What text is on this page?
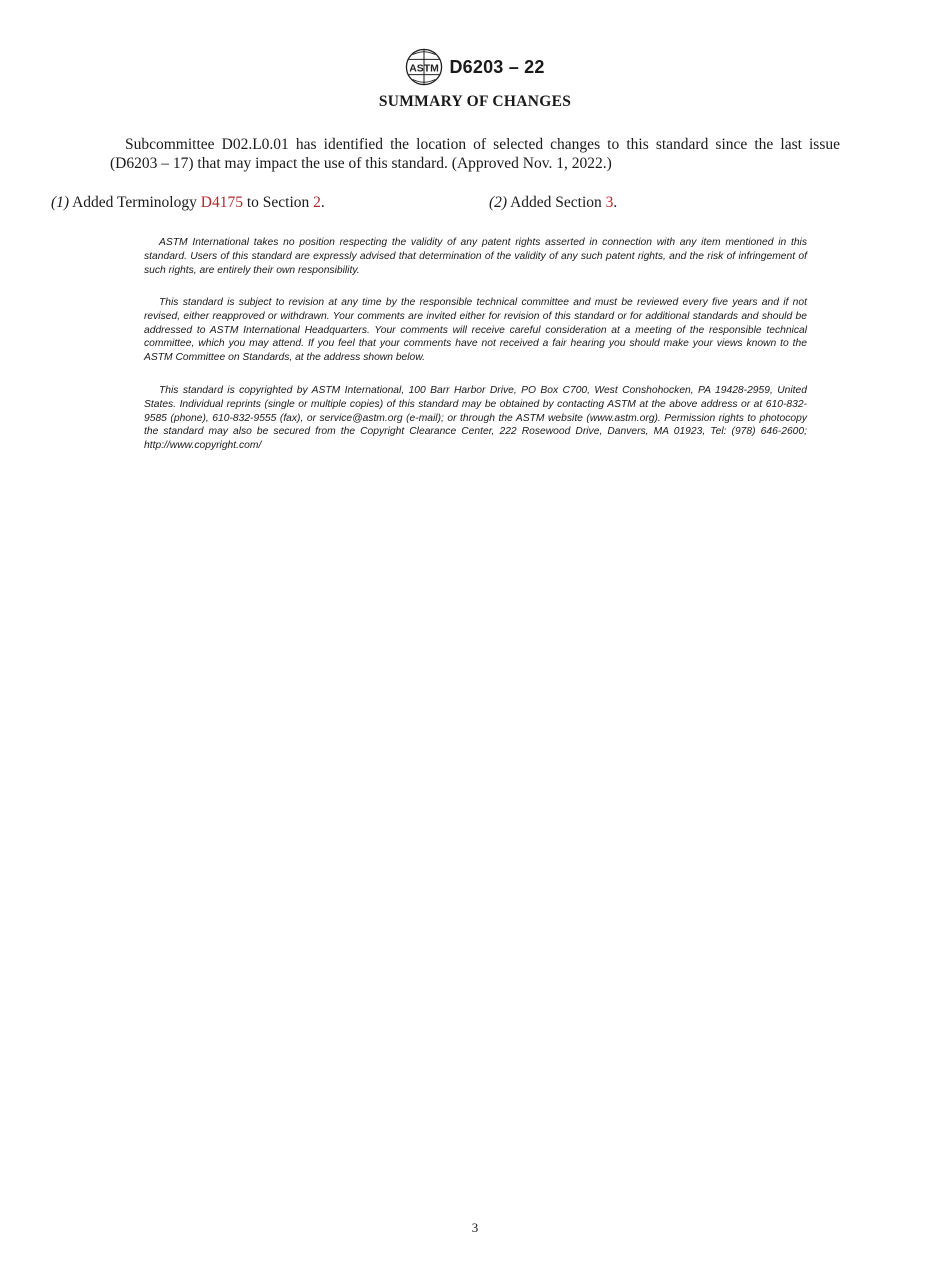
ASTM D6203 – 22
SUMMARY OF CHANGES
Subcommittee D02.L0.01 has identified the location of selected changes to this standard since the last issue (D6203 – 17) that may impact the use of this standard. (Approved Nov. 1, 2022.)
(1) Added Terminology D4175 to Section 2.	(2) Added Section 3.

ASTM International takes no position respecting the validity of any patent rights asserted in connection with any item mentioned in this standard. Users of this standard are expressly advised that determination of the validity of any such patent rights, and the risk of infringement of such rights, are entirely their own responsibility.

This standard is subject to revision at any time by the responsible technical committee and must be reviewed every five years and if not revised, either reapproved or withdrawn. Your comments are invited either for revision of this standard or for additional standards and should be addressed to ASTM International Headquarters. Your comments will receive careful consideration at a meeting of the responsible technical committee, which you may attend. If you feel that your comments have not received a fair hearing you should make your views known to the ASTM Committee on Standards, at the address shown below.

This standard is copyrighted by ASTM International, 100 Barr Harbor Drive, PO Box C700, West Conshohocken, PA 19428-2959, United States. Individual reprints (single or multiple copies) of this standard may be obtained by contacting ASTM at the above address or at 610-832-9585 (phone), 610-832-9555 (fax), or service@astm.org (e-mail); or through the ASTM website (www.astm.org). Permission rights to photocopy the standard may also be secured from the Copyright Clearance Center, 222 Rosewood Drive, Danvers, MA 01923, Tel: (978) 646-2600; http://www.copyright.com/

3
